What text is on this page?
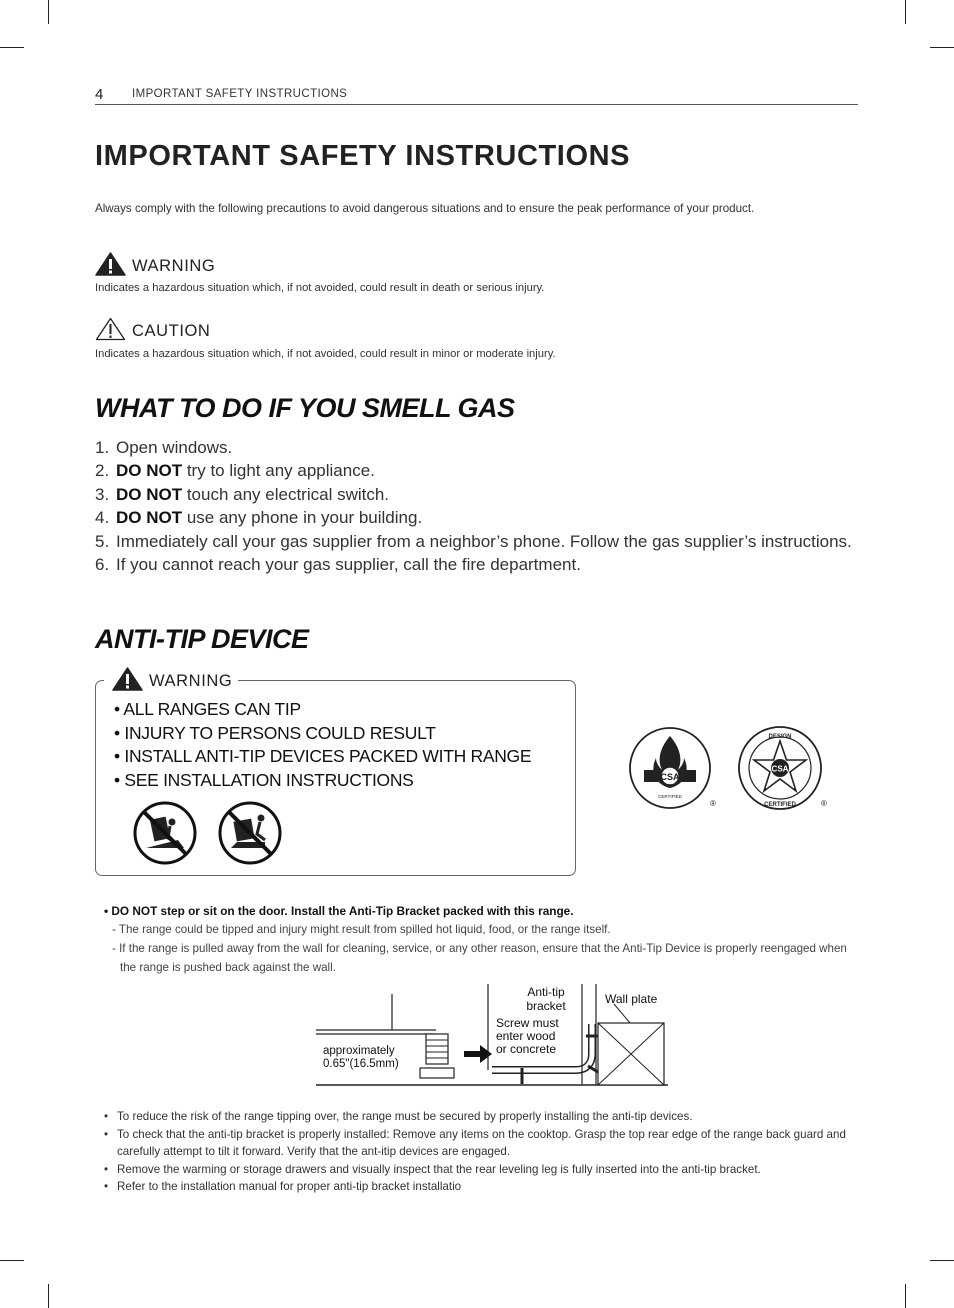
4 IMPORTANT SAFETY INSTRUCTIONS
IMPORTANT SAFETY INSTRUCTIONS
Always comply with the following precautions to avoid dangerous situations and to ensure the peak performance of your product.
WARNING
Indicates a hazardous situation which, if not avoided, could result in death or serious injury.
CAUTION
Indicates a hazardous situation which, if not avoided, could result in minor or moderate injury.
WHAT TO DO IF YOU SMELL GAS
1. Open windows.
2. DO NOT try to light any appliance.
3. DO NOT touch any electrical switch.
4. DO NOT use any phone in your building.
5. Immediately call your gas supplier from a neighbor’s phone. Follow the gas supplier’s instructions.
6. If you cannot reach your gas supplier, call the fire department.
ANTI-TIP DEVICE
WARNING
• ALL RANGES CAN TIP
• INJURY TO PERSONS COULD RESULT
• INSTALL ANTI-TIP DEVICES PACKED WITH RANGE
• SEE INSTALLATION INSTRUCTIONS	CSA
CERTIFIED
®
CSA
DESIGN
CERTIFIED	®
• DO NOT step or sit on the door. Install the Anti-Tip Bracket packed with this range.
- The range could be tipped and injury might result from spilled hot liquid, food, or the range itself.
- If the range is pulled away from the wall for cleaning, service, or any other reason, ensure that the Anti-Tip Device is properly reengaged when the range is pushed back against the wall.
Anti-tip
bracket	Wall plate
Screw must
enter wood
or concrete
approximately
0.65"(16.5mm)
• To reduce the risk of the range tipping over, the range must be secured by properly installing the anti-tip devices.
• To check that the anti-tip bracket is properly installed: Remove any items on the cooktop. Grasp the top rear edge of the range back guard and carefully attempt to tilt it forward. Verify that the ant-itip devices are engaged.
• Remove the warming or storage drawers and visually inspect that the rear leveling leg is fully inserted into the anti-tip bracket.
• Refer to the installation manual for proper anti-tip bracket installatio
